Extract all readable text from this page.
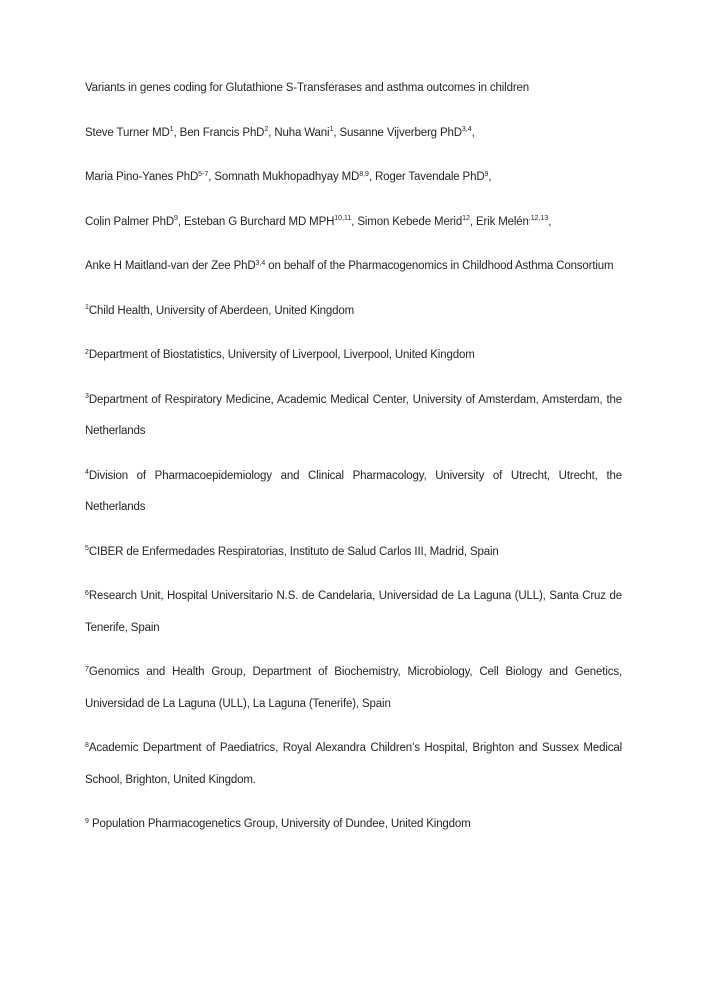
Variants in genes coding for Glutathione S-Transferases and asthma outcomes in children

Steve Turner $MD^1$, Ben Francis PhD$^2$, Nuha Wani$^1$, Susanne Vijverberg PhD$^{3,4}$,

Maria Pino-Yanes PhD$^{5-7}$, Somnath Mukhopadhyay MD$^{8,9}$, Roger Tavendale PhD$^9$,

Colin Palmer PhD$^9$, Esteban G Burchard MD MPH$^{10,11}$, Simon Kebede Merid$^{12}$, Erik Melén$^{,12,13}$,

Anke H Maitland-van der Zee PhD$^{3,4}$ on behalf of the Pharmacogenomics in Childhood Asthma Consortium

$^1$Child Health, University of Aberdeen, United Kingdom

$^2$Department of Biostatistics, University of Liverpool, Liverpool, United Kingdom

$^3$Department of Respiratory Medicine, Academic Medical Center, University of Amsterdam, Amsterdam, the Netherlands

$^4$Division of Pharmacoepidemiology and Clinical Pharmacology, University of Utrecht, Utrecht, the Netherlands

$^5$CIBER de Enfermedades Respiratorias, Instituto de Salud Carlos III, Madrid, Spain

$^6$Research Unit, Hospital Universitario N.S. de Candelaria, Universidad de La Laguna (ULL), Santa Cruz de Tenerife, Spain

$^7$Genomics and Health Group, Department of Biochemistry, Microbiology, Cell Biology and Genetics, Universidad de La Laguna (ULL), La Laguna (Tenerife), Spain

$^8$Academic Department of Paediatrics, Royal Alexandra Children’s Hospital, Brighton and Sussex Medical School, Brighton, United Kingdom.

$^9$ Population Pharmacogenetics Group, University of Dundee, United Kingdom
